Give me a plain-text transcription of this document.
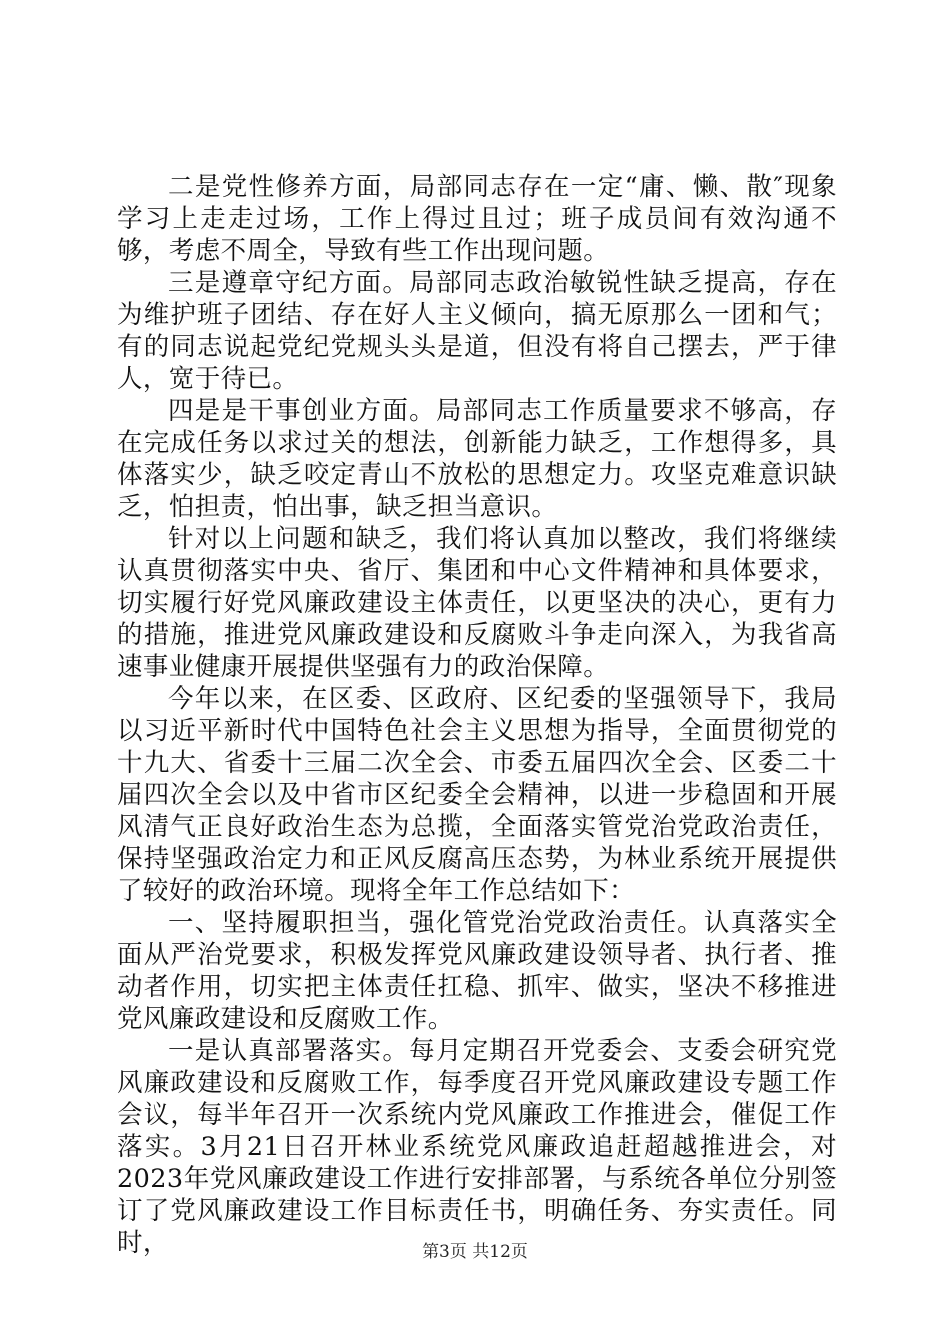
二是党性修养方面，局部同志存在一定“庸、懒、散″现象学习上走走过场，工作上得过且过；班子成员间有效沟通不够，考虑不周全，导致有些工作出现问题。

三是遵章守纪方面。局部同志政治敏锐性缺乏提高，存在为维护班子团结、存在好人主义倾向，搞无原那么一团和气；有的同志说起党纪党规头头是道，但没有将自己摆去，严于律人，宽于待已。

四是是干事创业方面。局部同志工作质量要求不够高，存在完成任务以求过关的想法，创新能力缺乏，工作想得多，具体落实少，缺乏咬定青山不放松的思想定力。攻坚克难意识缺乏，怕担责，怕出事，缺乏担当意识。

针对以上问题和缺乏，我们将认真加以整改，我们将继续认真贯彻落实中央、省厅、集团和中心文件精神和具体要求，切实履行好党风廉政建设主体责任，以更坚决的决心，更有力的措施，推进党风廉政建设和反腐败斗争走向深入，为我省高速事业健康开展提供坚强有力的政治保障。

今年以来，在区委、区政府、区纪委的坚强领导下，我局以习近平新时代中国特色社会主义思想为指导，全面贯彻党的十九大、省委十三届二次全会、市委五届四次全会、区委二十届四次全会以及中省市区纪委全会精神，以进一步稳固和开展风清气正良好政治生态为总揽，全面落实管党治党政治责任，保持坚强政治定力和正风反腐高压态势，为林业系统开展提供了较好的政治环境。现将全年工作总结如下：

一、坚持履职担当，强化管党治党政治责任。认真落实全面从严治党要求，积极发挥党风廉政建设领导者、执行者、推动者作用，切实把主体责任扛稳、抓牢、做实，坚决不移推进党风廉政建设和反腐败工作。

一是认真部署落实。每月定期召开党委会、支委会研究党风廉政建设和反腐败工作，每季度召开党风廉政建设专题工作会议，每半年召开一次系统内党风廉政工作推进会，催促工作落实。3月21日召开林业系统党风廉政追赶超越推进会，对2023年党风廉政建设工作进行安排部署，与系统各单位分别签订了党风廉政建设工作目标责任书，明确任务、夯实责任。同时，	第3页 共12页
